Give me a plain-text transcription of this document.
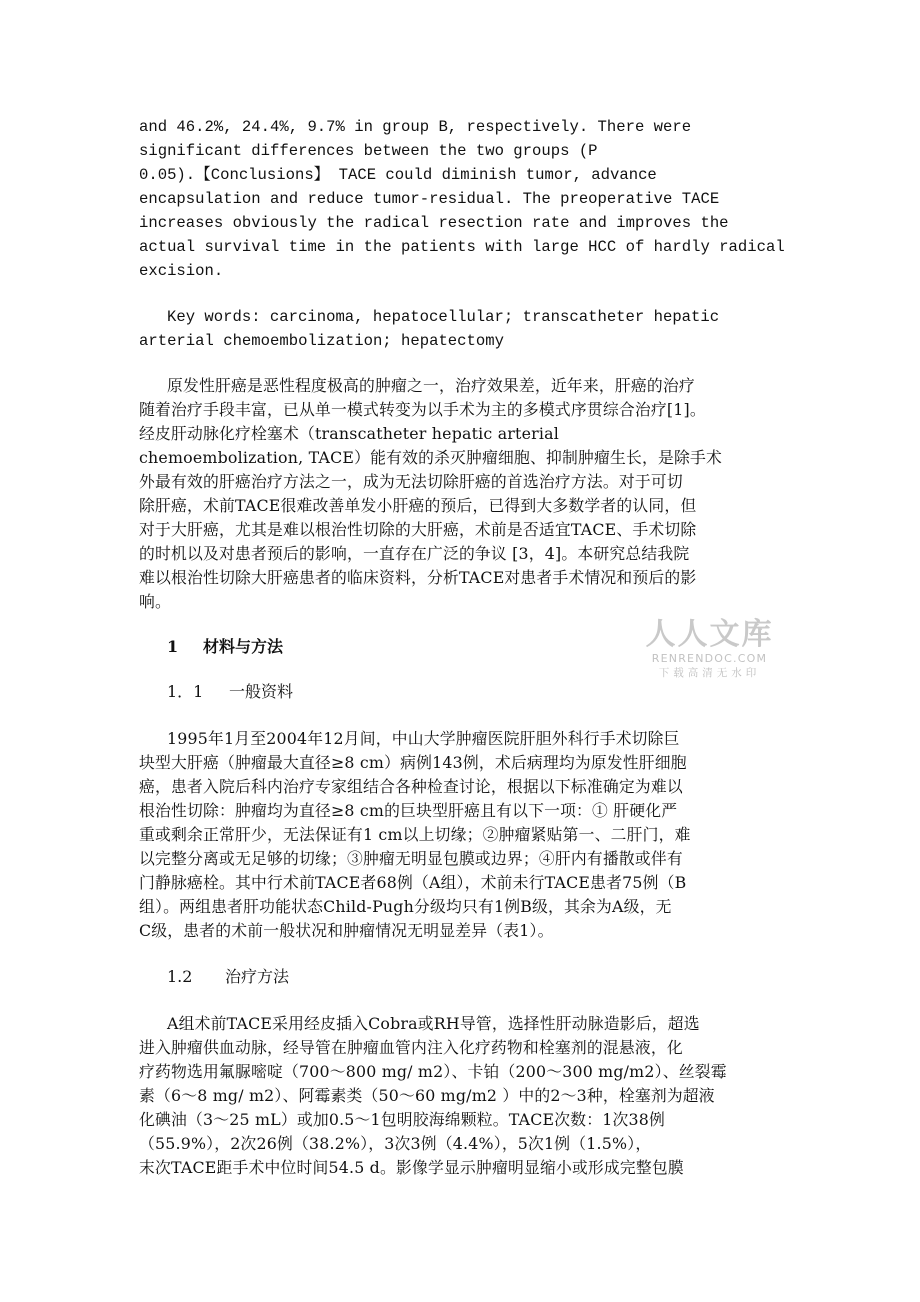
and 46.2%, 24.4%, 9.7% in group B, respectively. There were

significant differences between the two groups (P

0.05).【Conclusions】 TACE could diminish tumor, advance

encapsulation and reduce tumor-residual. The preoperative TACE

increases obviously the radical resection rate and improves the

actual survival time in the patients with large HCC of hardly radical

excision.

Key words: carcinoma, hepatocellular; transcatheter hepatic

arterial chemoembolization; hepatectomy

原发性肝癌是恶性程度极高的肿瘤之一，治疗效果差，近年来，肝癌的治疗

随着治疗手段丰富，已从单一模式转变为以手术为主的多模式序贯综合治疗[1]。

经皮肝动脉化疗栓塞术（transcatheter hepatic arterial

chemoembolization, TACE）能有效的杀灭肿瘤细胞、抑制肿瘤生长，是除手术

外最有效的肝癌治疗方法之一，成为无法切除肝癌的首选治疗方法。对于可切

除肝癌，术前TACE很难改善单发小肝癌的预后，已得到大多数学者的认同，但

对于大肝癌，尤其是难以根治性切除的大肝癌，术前是否适宜TACE、手术切除

的时机以及对患者预后的影响，一直存在广泛的争议 [3，4]。本研究总结我院

难以根治性切除大肝癌患者的临床资料，分析TACE对患者手术情况和预后的影

响。

1 材料与方法	人人文库
RENRENDOC.COM
下载高清无水印
1．1 一般资料

1995年1月至2004年12月间，中山大学肿瘤医院肝胆外科行手术切除巨

块型大肝癌（肿瘤最大直径≥8 cm）病例143例，术后病理均为原发性肝细胞

癌，患者入院后科内治疗专家组结合各种检查讨论，根据以下标准确定为难以

根治性切除：肿瘤均为直径≥8 cm的巨块型肝癌且有以下一项：① 肝硬化严

重或剩余正常肝少，无法保证有1 cm以上切缘；②肿瘤紧贴第一、二肝门，难

以完整分离或无足够的切缘；③肿瘤无明显包膜或边界；④肝内有播散或伴有

门静脉癌栓。其中行术前TACE者68例（A组），术前未行TACE患者75例（B

组）。两组患者肝功能状态Child-Pugh分级均只有1例B级，其余为A级，无

C级，患者的术前一般状况和肿瘤情况无明显差异（表1）。

1.2 治疗方法

A组术前TACE采用经皮插入Cobra或RH导管，选择性肝动脉造影后，超选

进入肿瘤供血动脉，经导管在肿瘤血管内注入化疗药物和栓塞剂的混悬液，化

疗药物选用氟脲嘧啶（700～800 mg/ m2）、卡铂（200～300 mg/m2）、丝裂霉

素（6～8 mg/ m2）、阿霉素类（50～60 mg/m2 ）中的2～3种，栓塞剂为超液

化碘油（3～25 mL）或加0.5～1包明胶海绵颗粒。TACE次数：1次38例

（55.9%），2次26例（38.2%），3次3例（4.4%），5次1例（1.5%），

末次TACE距手术中位时间54.5 d。影像学显示肿瘤明显缩小或形成完整包膜
